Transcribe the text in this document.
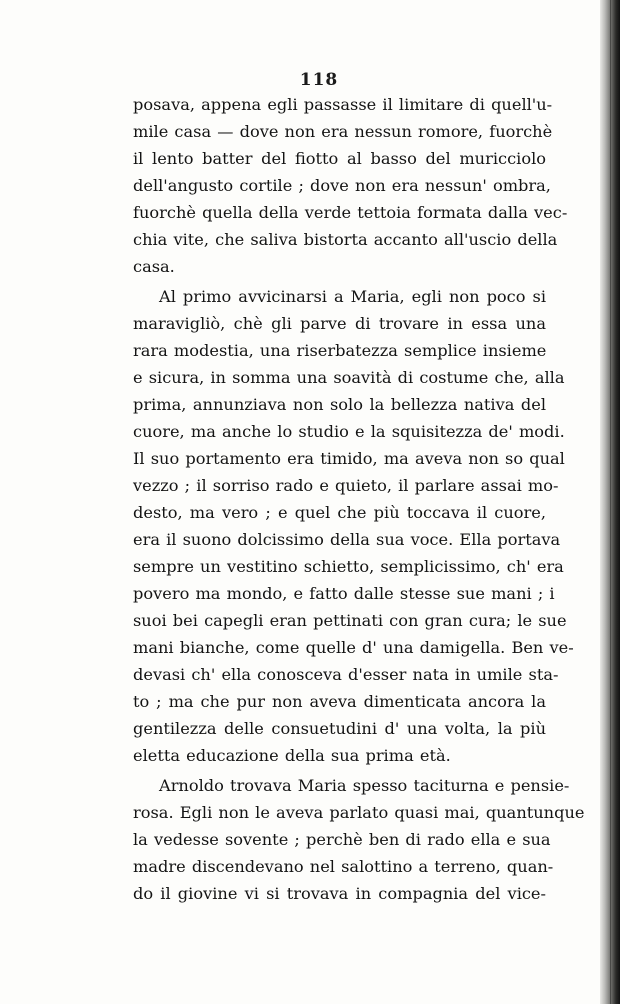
118
posava, appena egli passasse il limitare di quell'u-
mile casa — dove non era nessun romore, fuorchè
il lento batter del fiotto al basso del muricciolo
dell'angusto cortile ; dove non era nessun' ombra,
fuorchè quella della verde tettoia formata dalla vec-
chia vite, che saliva bistorta accanto all'uscio della
casa.
Al primo avvicinarsi a Maria, egli non poco si
maravigliò, chè gli parve di trovare in essa una
rara modestia, una riserbatezza semplice insieme
e sicura, in somma una soavità di costume che, alla
prima, annunziava non solo la bellezza nativa del
cuore, ma anche lo studio e la squisitezza de' modi.
Il suo portamento era timido, ma aveva non so qual
vezzo ; il sorriso rado e quieto, il parlare assai mo-
desto, ma vero ; e quel che più toccava il cuore,
era il suono dolcissimo della sua voce. Ella portava
sempre un vestitino schietto, semplicissimo, ch' era
povero ma mondo, e fatto dalle stesse sue mani ; i
suoi bei capegli eran pettinati con gran cura; le sue
mani bianche, come quelle d' una damigella. Ben ve-
devasi ch' ella conosceva d'esser nata in umile sta-
to ; ma che pur non aveva dimenticata ancora la
gentilezza delle consuetudini d' una volta, la più
eletta educazione della sua prima età.
Arnoldo trovava Maria spesso taciturna e pensie-
rosa. Egli non le aveva parlato quasi mai, quantunque
la vedesse sovente ; perchè ben di rado ella e sua
madre discendevano nel salottino a terreno, quan-
do il giovine vi si trovava in compagnia del vice-
